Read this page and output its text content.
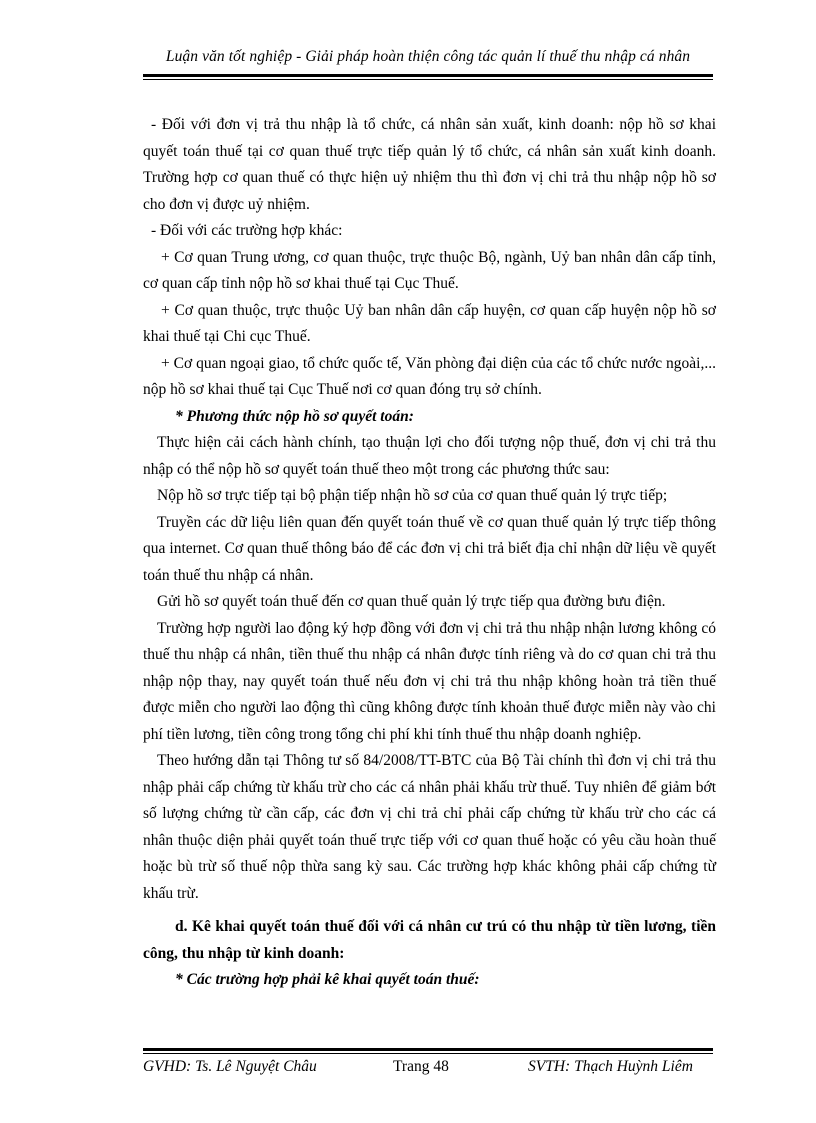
Luận văn tốt nghiệp - Giải pháp hoàn thiện công tác quản lí thuế thu nhập cá nhân

- Đối với đơn vị trả thu nhập là tổ chức, cá nhân sản xuất, kinh doanh: nộp hồ sơ khai quyết toán thuế tại cơ quan thuế trực tiếp quản lý tổ chức, cá nhân sản xuất kinh doanh. Trường hợp cơ quan thuế có thực hiện uỷ nhiệm thu thì đơn vị chi trả thu nhập nộp hồ sơ cho đơn vị được uỷ nhiệm.

- Đối với các trường hợp khác:

+ Cơ quan Trung ương, cơ quan thuộc, trực thuộc Bộ, ngành, Uỷ ban nhân dân cấp tỉnh, cơ quan cấp tỉnh nộp hồ sơ khai thuế tại Cục Thuế.

+ Cơ quan thuộc, trực thuộc Uỷ ban nhân dân cấp huyện, cơ quan cấp huyện nộp hồ sơ khai thuế tại Chi cục Thuế.

+ Cơ quan ngoại giao, tổ chức quốc tế, Văn phòng đại diện của các tổ chức nước ngoài,... nộp hồ sơ khai thuế tại Cục Thuế nơi cơ quan đóng trụ sở chính.

* Phương thức nộp hồ sơ quyết toán:

Thực hiện cải cách hành chính, tạo thuận lợi cho đối tượng nộp thuế, đơn vị chi trả thu nhập có thể nộp hồ sơ quyết toán thuế theo một trong các phương thức sau:

Nộp hồ sơ trực tiếp tại bộ phận tiếp nhận hồ sơ của cơ quan thuế quản lý trực tiếp;

Truyền các dữ liệu liên quan đến quyết toán thuế về cơ quan thuế quản lý trực tiếp thông qua internet. Cơ quan thuế thông báo để các đơn vị chi trả biết địa chỉ nhận dữ liệu về quyết toán thuế thu nhập cá nhân.

Gửi hồ sơ quyết toán thuế đến cơ quan thuế quản lý trực tiếp qua đường bưu điện.

Trường hợp người lao động ký hợp đồng với đơn vị chi trả thu nhập nhận lương không có thuế thu nhập cá nhân, tiền thuế thu nhập cá nhân được tính riêng và do cơ quan chi trả thu nhập nộp thay, nay quyết toán thuế nếu đơn vị chi trả thu nhập không hoàn trả tiền thuế được miễn cho người lao động thì cũng không được tính khoản thuế được miễn này vào chi phí tiền lương, tiền công trong tổng chi phí khi tính thuế thu nhập doanh nghiệp.

Theo hướng dẫn tại Thông tư số 84/2008/TT-BTC của Bộ Tài chính thì đơn vị chi trả thu nhập phải cấp chứng từ khấu trừ cho các cá nhân phải khấu trừ thuế. Tuy nhiên để giảm bớt số lượng chứng từ cần cấp, các đơn vị chi trả chỉ phải cấp chứng từ khấu trừ cho các cá nhân thuộc diện phải quyết toán thuế trực tiếp với cơ quan thuế hoặc có yêu cầu hoàn thuế hoặc bù trừ số thuế nộp thừa sang kỳ sau. Các trường hợp khác không phải cấp chứng từ khấu trừ.

d. Kê khai quyết toán thuế đối với cá nhân cư trú có thu nhập từ tiền lương, tiền công, thu nhập từ kinh doanh:

* Các trường hợp phải kê khai quyết toán thuế:

GVHD: Ts. Lê Nguyệt Châu	Trang 48	SVTH: Thạch Huỳnh Liêm
